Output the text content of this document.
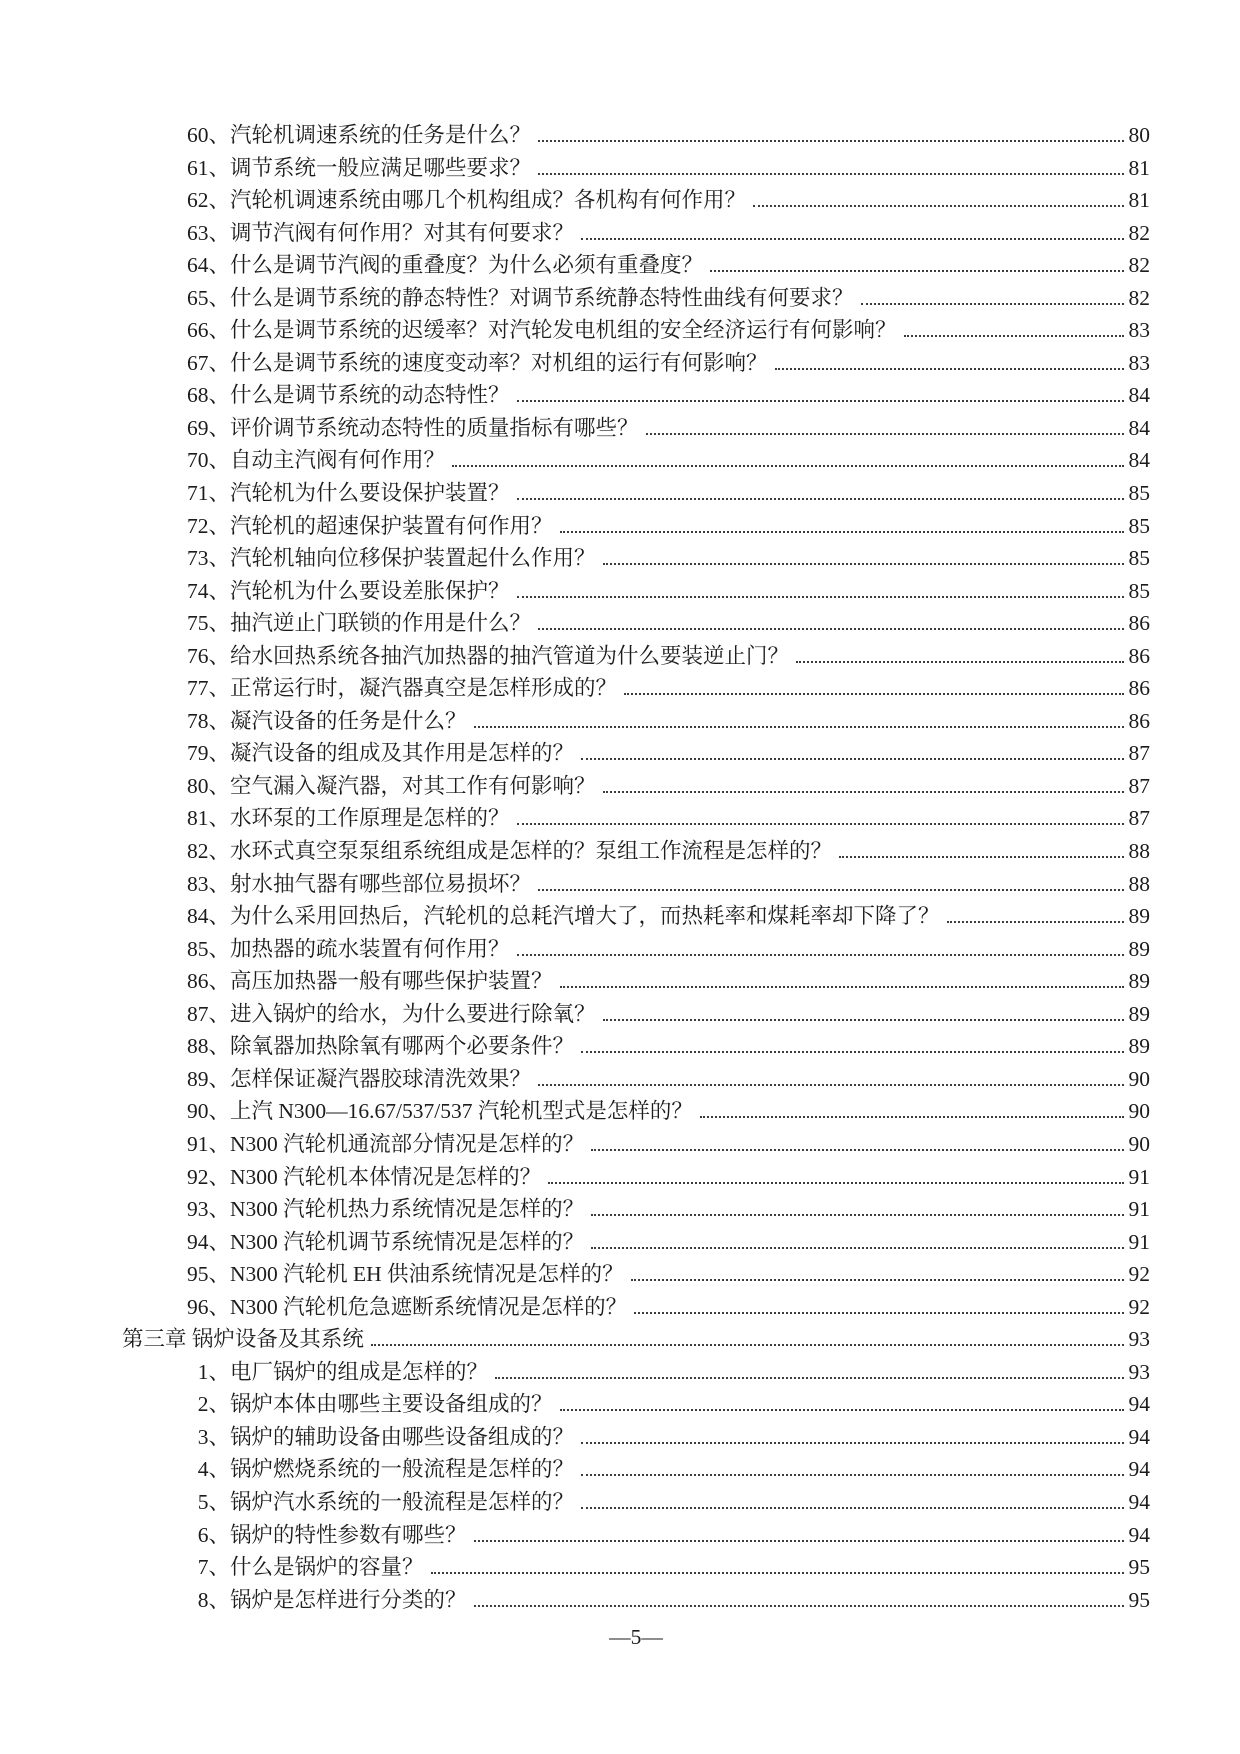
60、 汽轮机调速系统的任务是什么？	80
61、 调节系统一般应满足哪些要求？	81
62、 汽轮机调速系统由哪几个机构组成？各机构有何作用？	81
63、 调节汽阀有何作用？对其有何要求？	82
64、 什么是调节汽阀的重叠度？为什么必须有重叠度？	82
65、 什么是调节系统的静态特性？对调节系统静态特性曲线有何要求？	82
66、 什么是调节系统的迟缓率？对汽轮发电机组的安全经济运行有何影响？	83
67、 什么是调节系统的速度变动率？对机组的运行有何影响？	83
68、 什么是调节系统的动态特性？	84
69、 评价调节系统动态特性的质量指标有哪些？	84
70、 自动主汽阀有何作用？	84
71、 汽轮机为什么要设保护装置？	85
72、 汽轮机的超速保护装置有何作用？	85
73、 汽轮机轴向位移保护装置起什么作用？	85
74、 汽轮机为什么要设差胀保护？	85
75、 抽汽逆止门联锁的作用是什么？	86
76、 给水回热系统各抽汽加热器的抽汽管道为什么要装逆止门？	86
77、 正常运行时，凝汽器真空是怎样形成的？	86
78、 凝汽设备的任务是什么？	86
79、 凝汽设备的组成及其作用是怎样的？	87
80、 空气漏入凝汽器，对其工作有何影响？	87
81、 水环泵的工作原理是怎样的？	87
82、 水环式真空泵泵组系统组成是怎样的？泵组工作流程是怎样的？	88
83、 射水抽气器有哪些部位易损坏？	88
84、 为什么采用回热后，汽轮机的总耗汽增大了，而热耗率和煤耗率却下降了？	89
85、 加热器的疏水装置有何作用？	89
86、 高压加热器一般有哪些保护装置？	89
87、 进入锅炉的给水，为什么要进行除氧？	89
88、 除氧器加热除氧有哪两个必要条件？	89
89、 怎样保证凝汽器胶球清洗效果？	90
90、 上汽 N300—16.67/537/537 汽轮机型式是怎样的？	90
91、 N300 汽轮机通流部分情况是怎样的？	90
92、 N300 汽轮机本体情况是怎样的？	91
93、 N300 汽轮机热力系统情况是怎样的？	91
94、 N300 汽轮机调节系统情况是怎样的？	91
95、 N300 汽轮机 EH 供油系统情况是怎样的？	92
96、 N300 汽轮机危急遮断系统情况是怎样的？	92
第三章 锅炉设备及其系统	93
1、 电厂锅炉的组成是怎样的？	93
2、 锅炉本体由哪些主要设备组成的？	94
3、 锅炉的辅助设备由哪些设备组成的？	94
4、 锅炉燃烧系统的一般流程是怎样的？	94
5、 锅炉汽水系统的一般流程是怎样的？	94
6、 锅炉的特性参数有哪些？	94
7、 什么是锅炉的容量？	95
8、 锅炉是怎样进行分类的？	95
—5—
